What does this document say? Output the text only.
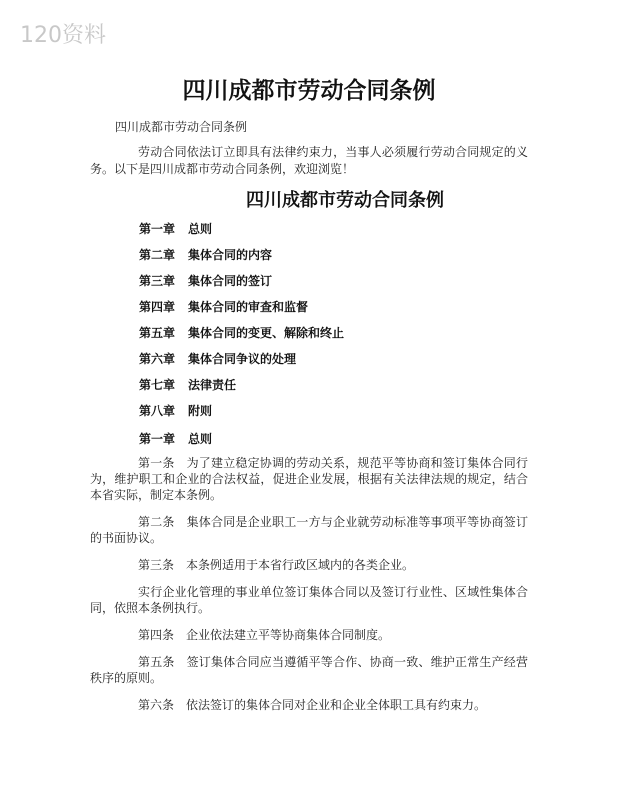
120资料
四川成都市劳动合同条例
四川成都市劳动合同条例
劳动合同依法订立即具有法律约束力，当事人必须履行劳动合同规定的义务。以下是四川成都市劳动合同条例，欢迎浏览！
四川成都市劳动合同条例
第一章 总则
第二章 集体合同的内容
第三章 集体合同的签订
第四章 集体合同的审查和监督
第五章 集体合同的变更、解除和终止
第六章 集体合同争议的处理
第七章 法律责任
第八章 附则
第一章 总则

第一条 为了建立稳定协调的劳动关系，规范平等协商和签订集体合同行为，维护职工和企业的合法权益，促进企业发展，根据有关法律法规的规定，结合本省实际，制定本条例。

第二条 集体合同是企业职工一方与企业就劳动标准等事项平等协商签订的书面协议。

第三条 本条例适用于本省行政区域内的各类企业。

实行企业化管理的事业单位签订集体合同以及签订行业性、区域性集体合同，依照本条例执行。

第四条 企业依法建立平等协商集体合同制度。

第五条 签订集体合同应当遵循平等合作、协商一致、维护正常生产经营秩序的原则。

第六条 依法签订的集体合同对企业和企业全体职工具有约束力。
